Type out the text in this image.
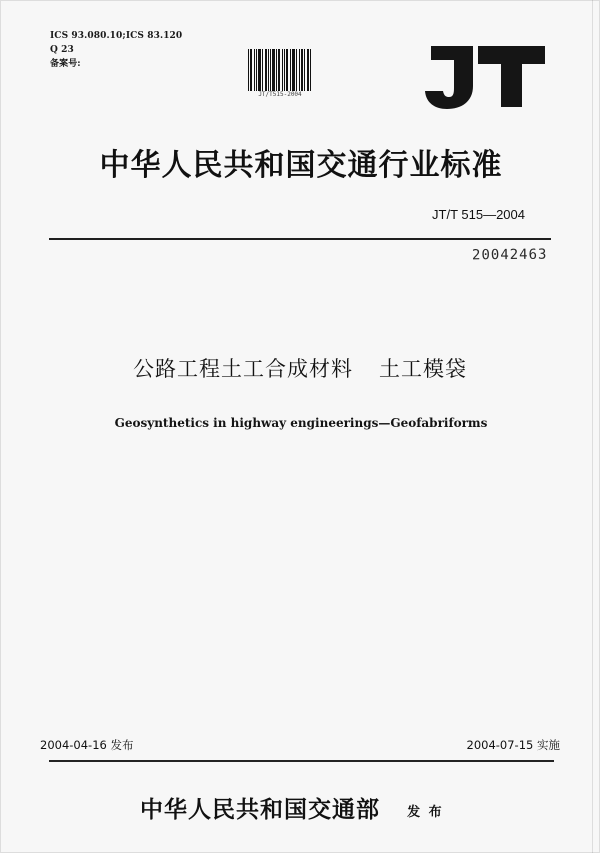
ICS 93.080.10;ICS 83.120
Q 23
备案号:
JT/T515-2004
中华人民共和国交通行业标准
JT/T 515—2004
20042463
公路工程土工合成材料 土工模袋
Geosynthetics in highway engineerings—Geofabriforms
2004-04-16 发布	2004-07-15 实施
中华人民共和国交通部 发 布
